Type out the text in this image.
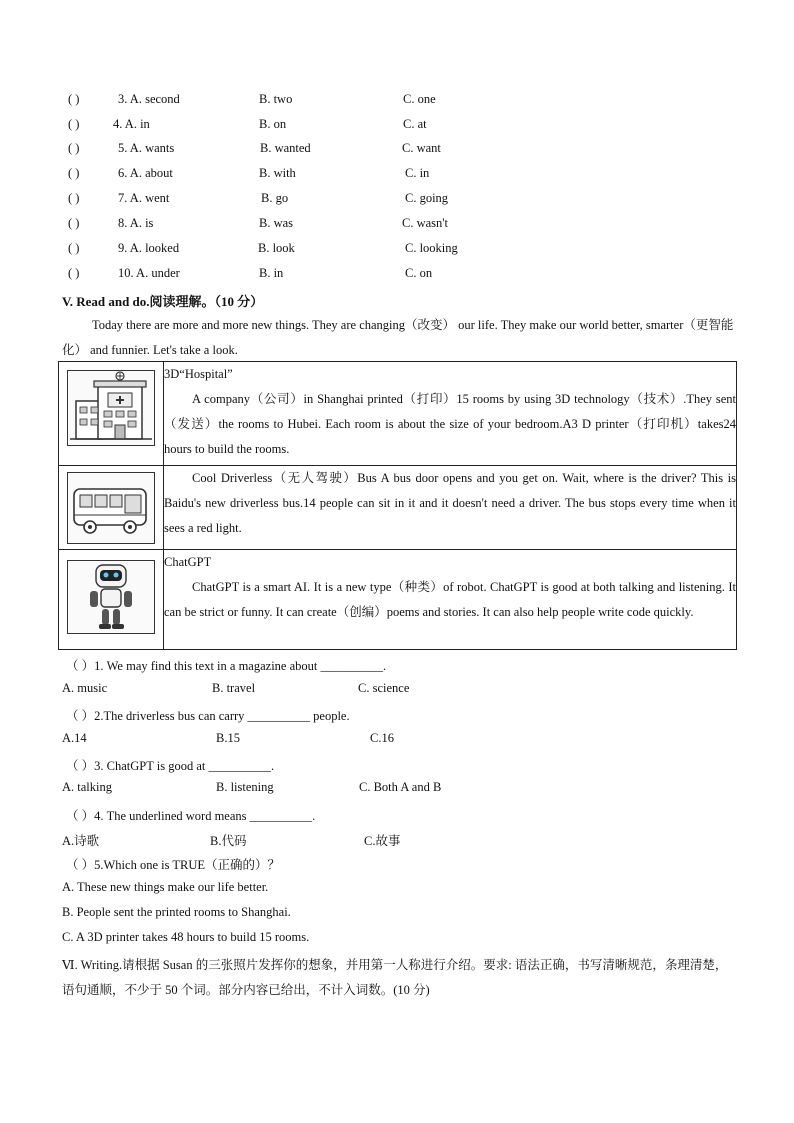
( )	3. A. second	B. two	C. one
( )	4. A. in	B. on	C. at
( )	5. A. wants	B. wanted	C. want
( )	6. A. about	B. with	C. in
( )	7. A. went	B. go	C. going
( )	8. A. is	B. was	C. wasn't
( )	9. A. looked	B. look	C. looking
( )	10. A. under	B. in	C. on
V. Read and do.阅读理解。（10 分）
Today there are more and more new things. They are changing（改变） our life. They make our world better, smarter（更智能化） and funnier. Let's take a look.

3D“Hospital”
A company（公司）in Shanghai printed（打印）15 rooms by using 3D technology（技术）.They sent（发送）the rooms to Hubei. Each room is about the size of your bedroom.A3 D printer（打印机）takes24 hours to build the rooms.

Cool Driverless（无人驾驶）Bus A bus door opens and you get on. Wait, where is the driver? This is Baidu's new driverless bus.14 people can sit in it and it doesn't need a driver. The bus stops every time when it sees a red light.

ChatGPT
ChatGPT is a smart AI. It is a new type（种类）of robot. ChatGPT is good at both talking and listening. It can be strict or funny. It can create（创编）poems and stories. It can also help people write code quickly.
（ ）1. We may find this text in a magazine about __________.
A. music	B. travel	C. science
（ ）2.The driverless bus can carry __________ people.
A.14	B.15	C.16
（ ）3. ChatGPT is good at __________.
A. talking	B. listening	C. Both A and B
（ ）4. The underlined word means __________.
A.诗歌	B.代码	C.故事
（ ）5.Which one is TRUE（正确的）？
A. These new things make our life better.
B. People sent the printed rooms to Shanghai.
C. A 3D printer takes 48 hours to build 15 rooms.
Ⅵ. Writing.请根据 Susan 的三张照片发挥你的想象，并用第一人称进行介绍。要求: 语法正确，书写清晰规范，条理清楚，语句通顺，不少于 50 个词。部分内容已给出，不计入词数。(10 分)
